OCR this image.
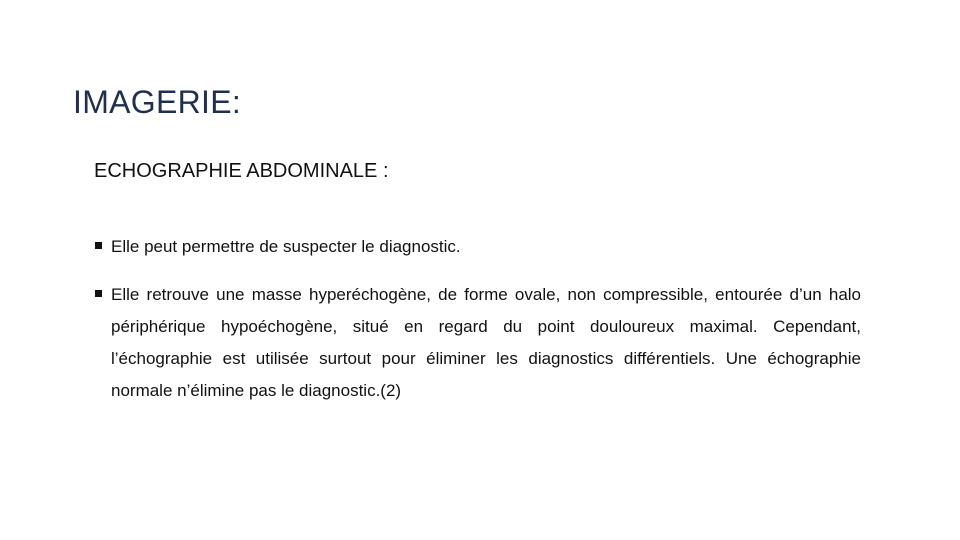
IMAGERIE:
ECHOGRAPHIE ABDOMINALE :
Elle peut permettre de suspecter le diagnostic.
Elle retrouve une masse hyperéchogène, de forme ovale, non compressible, entourée d’un halo périphérique hypoéchogène, situé en regard du point douloureux maximal. Cependant, l’échographie est utilisée surtout pour éliminer les diagnostics différentiels. Une échographie normale n’élimine pas le diagnostic.(2)
